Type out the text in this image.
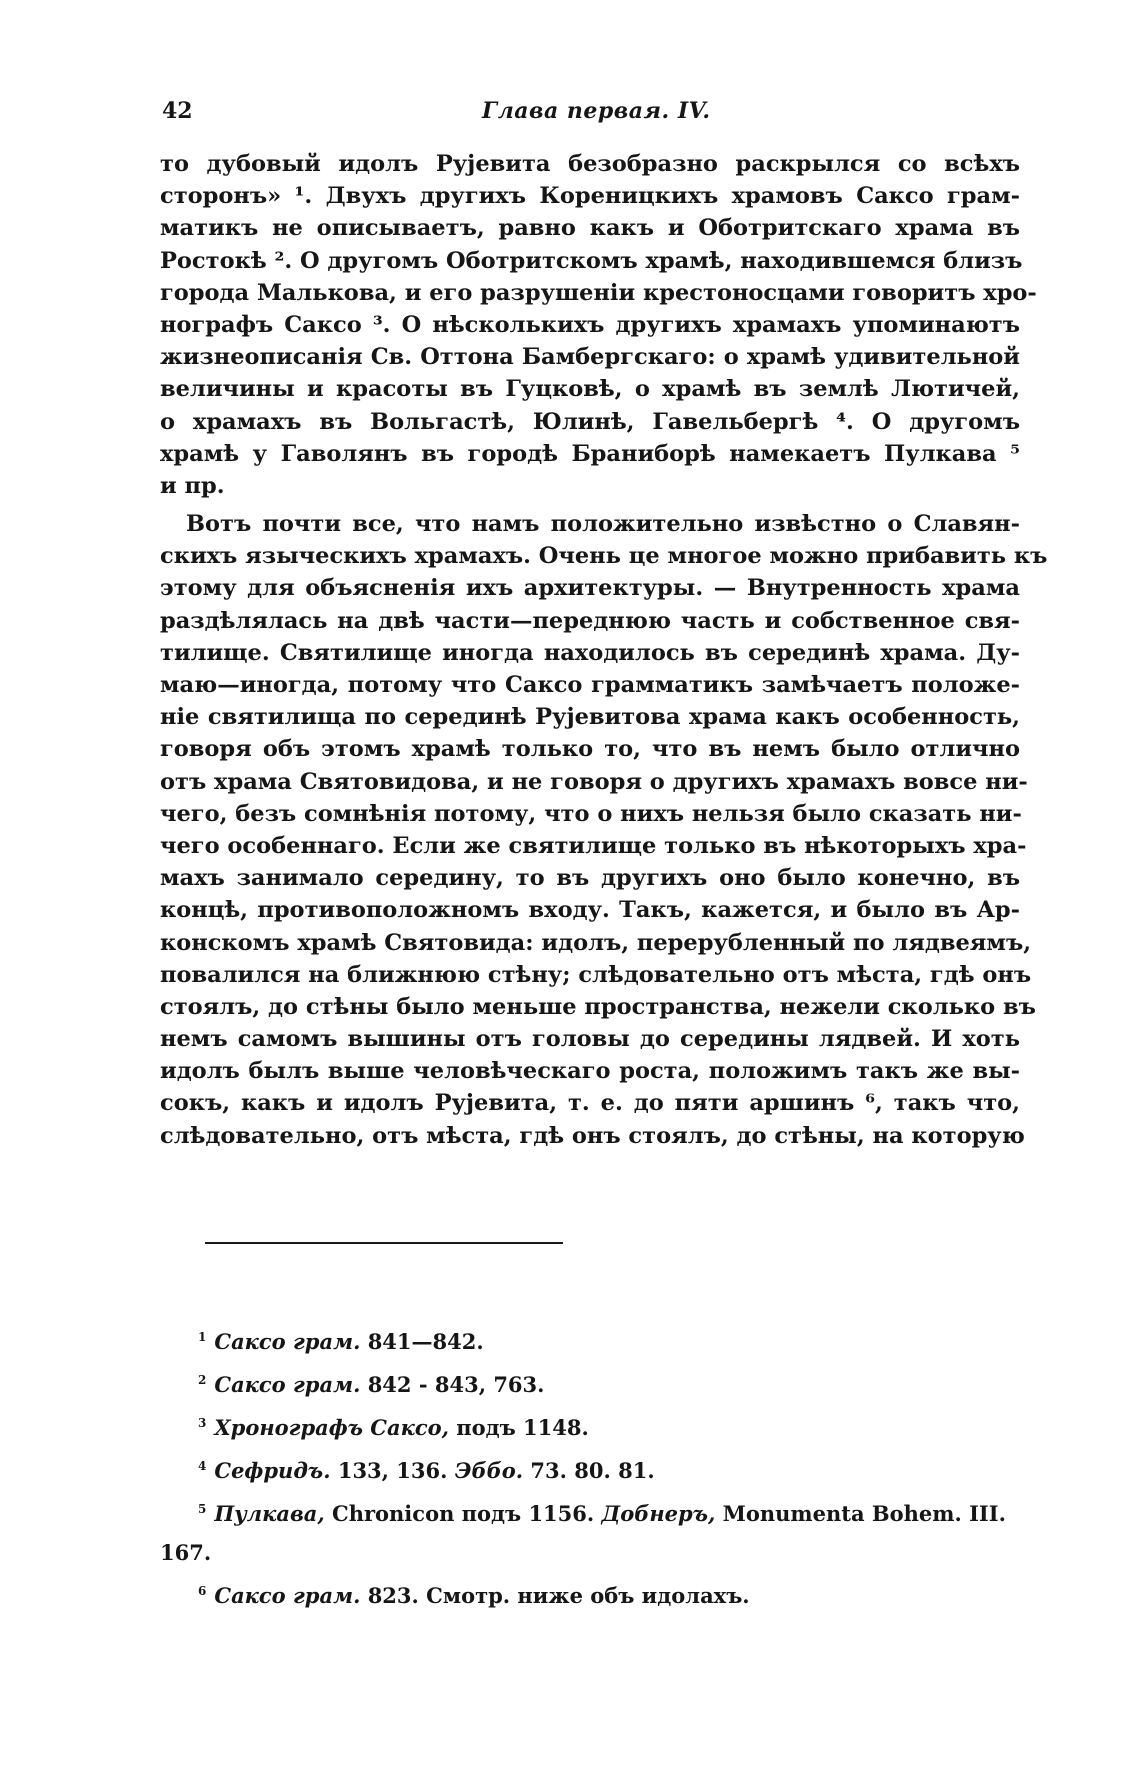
42	Глава первая. IV.
то дубовый идолъ Рујевита безобразно раскрылся со всѣхъ
сторонъ» ¹. Двухъ другихъ Кореницкихъ храмовъ Саксо грам-
матикъ не описываетъ, равно какъ и Оботритскаго храма въ
Ростокѣ ². О другомъ Оботритскомъ храмѣ, находившемся близъ
города Малькова, и его разрушеніи крестоносцами говоритъ хро-
нографъ Саксо ³. О нѣсколькихъ другихъ храмахъ упоминаютъ
жизнеописанія Св. Оттона Бамбергскаго: о храмѣ удивительной
величины и красоты въ Гуцковѣ, о храмѣ въ землѣ Лютичей,
о храмахъ въ Вольгастѣ, Юлинѣ, Гавельбергѣ ⁴. О другомъ
храмѣ у Гаволянъ въ городѣ Браниборѣ намекаетъ Пулкава ⁵
и пр.
Вотъ почти все, что намъ положительно извѣстно о Славян-
скихъ языческихъ храмахъ. Очень це многое можно прибавить къ
этому для объясненія ихъ архитектуры. — Внутренность храма
раздѣлялась на двѣ части—переднюю часть и собственное свя-
тилище. Святилище иногда находилось въ серединѣ храма. Ду-
маю—иногда, потому что Саксо грамматикъ замѣчаетъ положе-
ніе святилища по серединѣ Рујевитова храма какъ особенность,
говоря объ этомъ храмѣ только то, что въ немъ было отлично
отъ храма Святовидова, и не говоря о другихъ храмахъ вовсе ни-
чего, безъ сомнѣнія потому, что о нихъ нельзя было сказать ни-
чего особеннаго. Если же святилище только въ нѣкоторыхъ хра-
махъ занимало середину, то въ другихъ оно было конечно, въ
концѣ, противоположномъ входу. Такъ, кажется, и было въ Ар-
конскомъ храмѣ Святовида: идолъ, перерубленный по лядвеямъ,
повалился на ближнюю стѣну; слѣдовательно отъ мѣста, гдѣ онъ
стоялъ, до стѣны было меньше пространства, нежели сколько въ
немъ самомъ вышины отъ головы до середины лядвей. И хоть
идолъ былъ выше человѣческаго роста, положимъ такъ же вы-
сокъ, какъ и идолъ Руjевита, т. е. до пяти аршинъ ⁶, такъ что,
слѣдовательно, отъ мѣста, гдѣ онъ стоялъ, до стѣны, на которую
$^1$ Саксо грам. 841—842.
$^2$ Саксо грам. 842 - 843, 763.
$^3$ Хронографъ Саксо, подъ 1148.
$^4$ Сефридъ. 133, 136. Эббо. 73. 80. 81.
$^5$ Пулкава, Chronicon подъ 1156. Добнеръ, Monumenta Bohem. III.
167.
$^6$ Саксо грам. 823. Смотр. ниже объ идолахъ.
